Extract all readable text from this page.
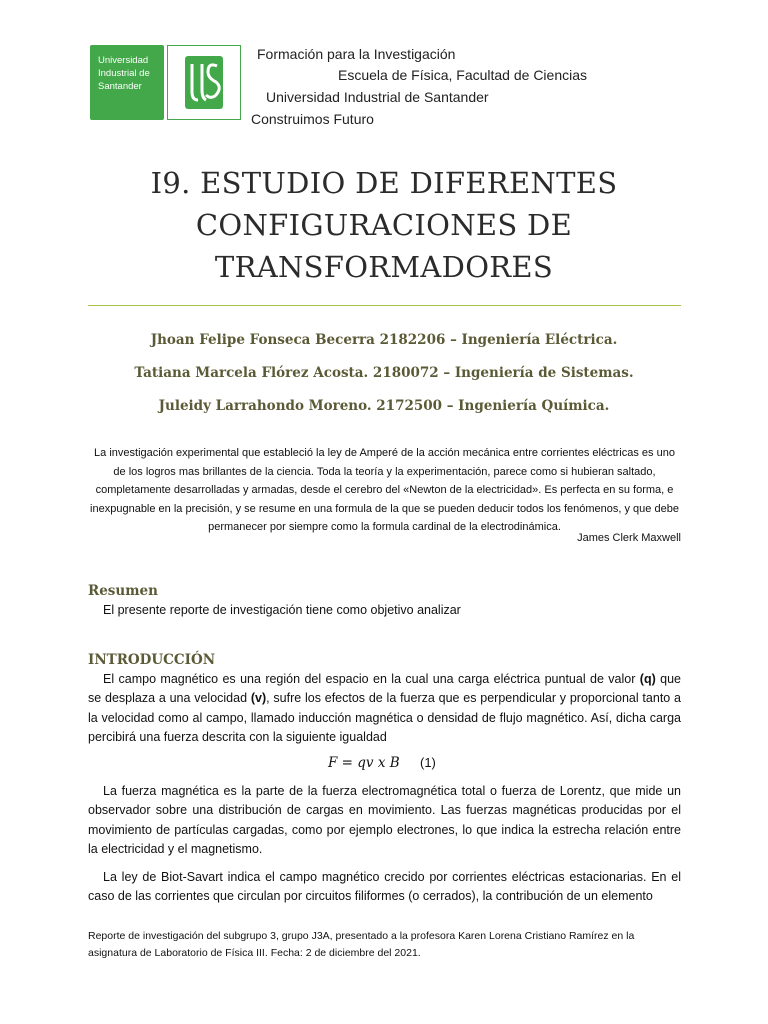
Universidad
Industrial de
Santander
Formación para la Investigación
Escuela de Física, Facultad de Ciencias
Universidad Industrial de Santander
Construimos Futuro
I9. ESTUDIO DE DIFERENTES
CONFIGURACIONES DE
TRANSFORMADORES
Jhoan Felipe Fonseca Becerra 2182206 – Ingeniería Eléctrica.
Tatiana Marcela Flórez Acosta. 2180072 – Ingeniería de Sistemas.
Juleidy Larrahondo Moreno. 2172500 – Ingeniería Química.
La investigación experimental que estableció la ley de Amperé de la acción mecánica entre corrientes eléctricas es uno de los logros mas brillantes de la ciencia. Toda la teoría y la experimentación, parece como si hubieran saltado, completamente desarrolladas y armadas, desde el cerebro del «Newton de la electricidad». Es perfecta en su forma, e inexpugnable en la precisión, y se resume en una formula de la que se pueden deducir todos los fenómenos, y que debe permanecer por siempre como la formula cardinal de la electrodinámica.
James Clerk Maxwell
Resumen
El presente reporte de investigación tiene como objetivo analizar
INTRODUCCIÓN
El campo magnético es una región del espacio en la cual una carga eléctrica puntual de valor (q) que se desplaza a una velocidad (v), sufre los efectos de la fuerza que es perpendicular y proporcional tanto a la velocidad como al campo, llamado inducción magnética o densidad de flujo magnético. Así, dicha carga percibirá una fuerza descrita con la siguiente igualdad
F = qv x B (1)
La fuerza magnética es la parte de la fuerza electromagnética total o fuerza de Lorentz, que mide un observador sobre una distribución de cargas en movimiento. Las fuerzas magnéticas producidas por el movimiento de partículas cargadas, como por ejemplo electrones, lo que indica la estrecha relación entre la electricidad y el magnetismo.
La ley de Biot-Savart indica el campo magnético crecido por corrientes eléctricas estacionarias. En el caso de las corrientes que circulan por circuitos filiformes (o cerrados), la contribución de un elemento
Reporte de investigación del subgrupo 3, grupo J3A, presentado a la profesora Karen Lorena Cristiano Ramírez en la asignatura de Laboratorio de Física III. Fecha: 2 de diciembre del 2021.
